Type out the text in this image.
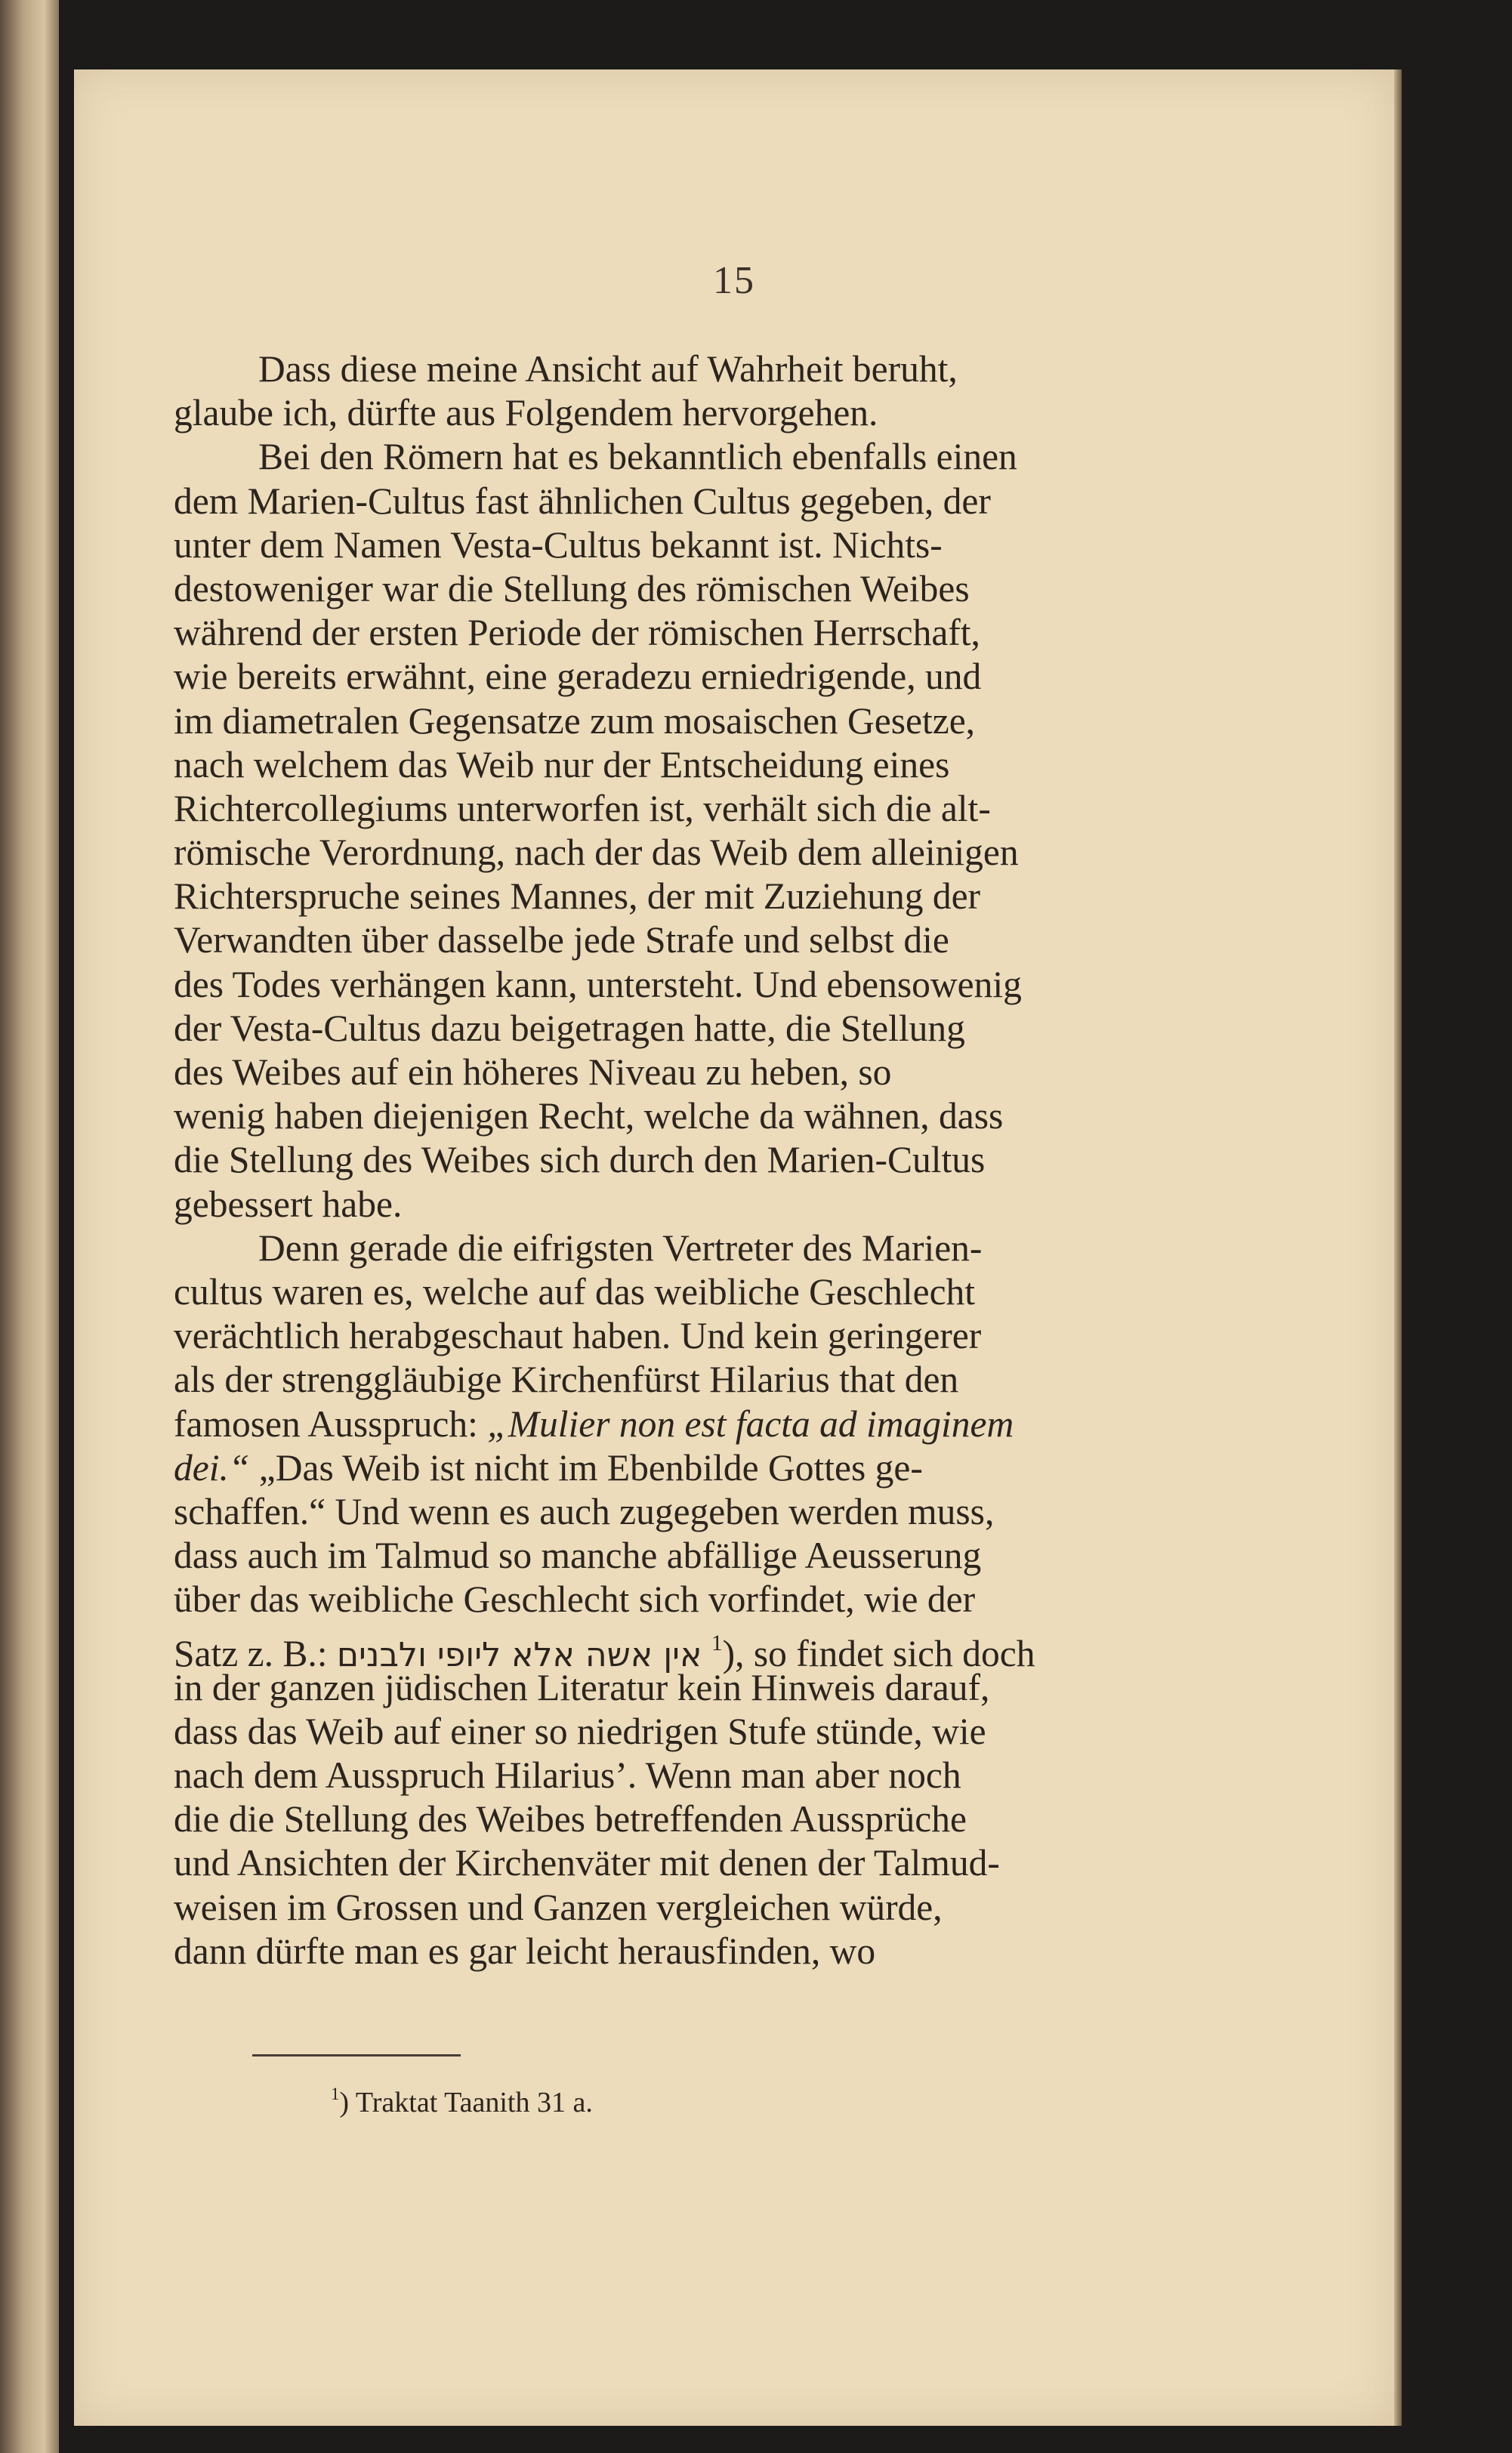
15
Dass diese meine Ansicht auf Wahrheit beruht,
glaube ich, dürfte aus Folgendem hervorgehen.
Bei den Römern hat es bekanntlich ebenfalls einen
dem Marien-Cultus fast ähnlichen Cultus gegeben, der
unter dem Namen Vesta-Cultus bekannt ist. Nichts-
destoweniger war die Stellung des römischen Weibes
während der ersten Periode der römischen Herrschaft,
wie bereits erwähnt, eine geradezu erniedrigende, und
im diametralen Gegensatze zum mosaischen Gesetze,
nach welchem das Weib nur der Entscheidung eines
Richtercollegiums unterworfen ist, verhält sich die alt-
römische Verordnung, nach der das Weib dem alleinigen
Richterspruche seines Mannes, der mit Zuziehung der
Verwandten über dasselbe jede Strafe und selbst die
des Todes verhängen kann, untersteht. Und ebensowenig
der Vesta-Cultus dazu beigetragen hatte, die Stellung
des Weibes auf ein höheres Niveau zu heben, so
wenig haben diejenigen Recht, welche da wähnen, dass
die Stellung des Weibes sich durch den Marien-Cultus
gebessert habe.
Denn gerade die eifrigsten Vertreter des Marien-
cultus waren es, welche auf das weibliche Geschlecht
verächtlich herabgeschaut haben. Und kein geringerer
als der strenggläubige Kirchenfürst Hilarius that den
famosen Ausspruch: „Mulier non est facta ad imaginem
dei.“ „Das Weib ist nicht im Ebenbilde Gottes ge-
schaffen.“ Und wenn es auch zugegeben werden muss,
dass auch im Talmud so manche abfällige Aeusserung
über das weibliche Geschlecht sich vorfindet, wie der
Satz z. B.: אין אשה אלא ליופי ולבנים $^1$), so findet sich doch
in der ganzen jüdischen Literatur kein Hinweis darauf,
dass das Weib auf einer so niedrigen Stufe stünde, wie
nach dem Ausspruch Hilarius’. Wenn man aber noch
die die Stellung des Weibes betreffenden Aussprüche
und Ansichten der Kirchenväter mit denen der Talmud-
weisen im Grossen und Ganzen vergleichen würde,
dann dürfte man es gar leicht herausfinden, wo
$^1$) Traktat Taanith 31 a.
